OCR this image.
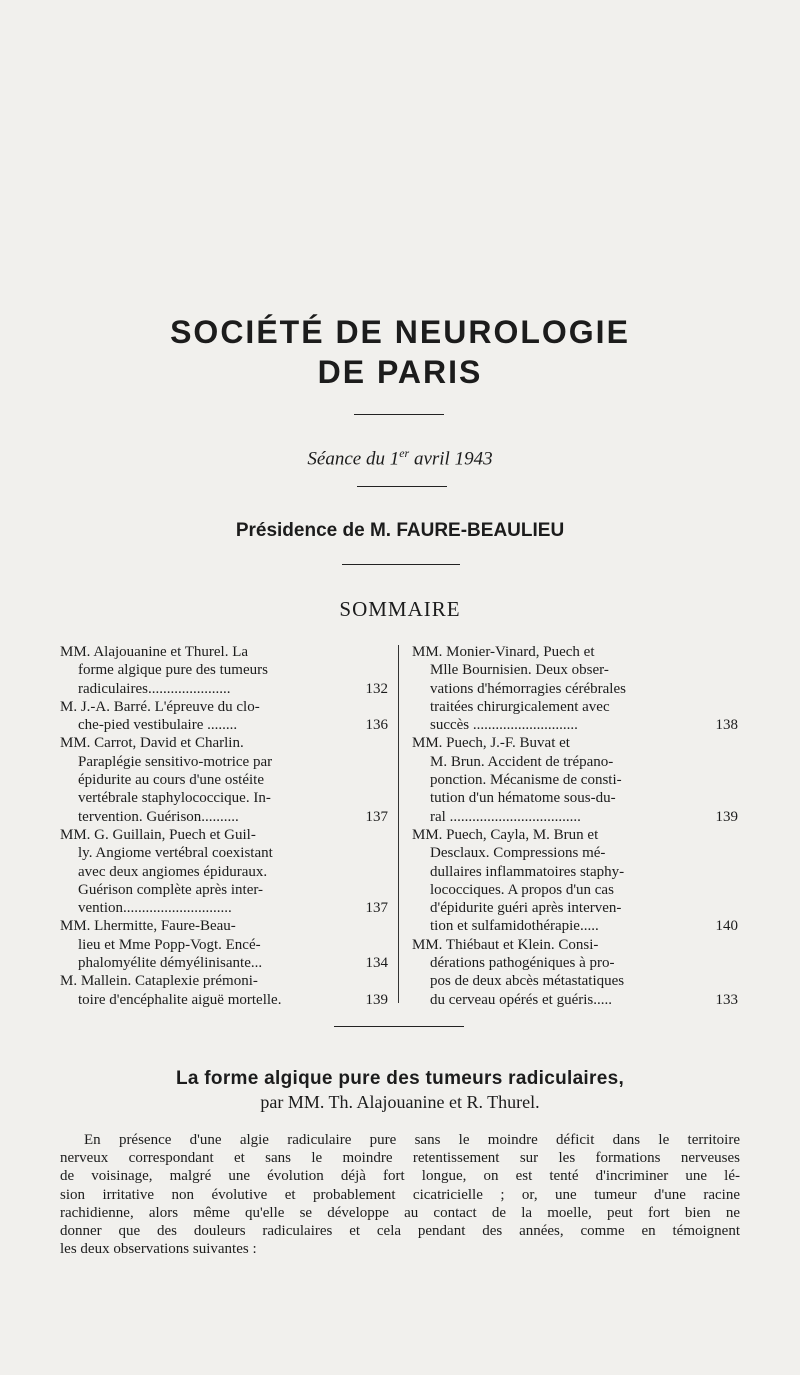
SOCIÉTÉ DE NEUROLOGIE
DE PARIS
Séance du 1er avril 1943
Présidence de M. FAURE-BEAULIEU
SOMMAIRE
MM. Alajouanine et Thurel. La
forme algique pure des tumeurs
radiculaires......................	132
M. J.-A. Barré. L'épreuve du clo-
che-pied vestibulaire ........	136
MM. Carrot, David et Charlin.
Paraplégie sensitivo-motrice par
épidurite au cours d'une ostéite
vertébrale staphylococcique. In-
tervention. Guérison..........	137
MM. G. Guillain, Puech et Guil-
ly. Angiome vertébral coexistant
avec deux angiomes épiduraux.
Guérison complète après inter-
vention.............................	137
MM. Lhermitte, Faure-Beau-
lieu et Mme Popp-Vogt. Encé-
phalomyélite démyélinisante...	134
M. Mallein. Cataplexie prémoni-
toire d'encéphalite aiguë mortelle.	139
MM. Monier-Vinard, Puech et
Mlle Bournisien. Deux obser-
vations d'hémorragies cérébrales
traitées chirurgicalement avec
succès ............................	138
MM. Puech, J.-F. Buvat et
M. Brun. Accident de trépano-
ponction. Mécanisme de consti-
tution d'un hématome sous-du-
ral ...................................	139
MM. Puech, Cayla, M. Brun et
Desclaux. Compressions mé-
dullaires inflammatoires staphy-
lococciques. A propos d'un cas
d'épidurite guéri après interven-
tion et sulfamidothérapie.....	140
MM. Thiébaut et Klein. Consi-
dérations pathogéniques à pro-
pos de deux abcès métastatiques
du cerveau opérés et guéris.....	133
La forme algique pure des tumeurs radiculaires,
par MM. Th. Alajouanine et R. Thurel.
En présence d'une algie radiculaire pure sans le moindre déficit dans le territoire
nerveux correspondant et sans le moindre retentissement sur les formations nerveuses
de voisinage, malgré une évolution déjà fort longue, on est tenté d'incriminer une lé-
sion irritative non évolutive et probablement cicatricielle ; or, une tumeur d'une racine
rachidienne, alors même qu'elle se développe au contact de la moelle, peut fort bien ne
donner que des douleurs radiculaires et cela pendant des années, comme en témoignent
les deux observations suivantes :
